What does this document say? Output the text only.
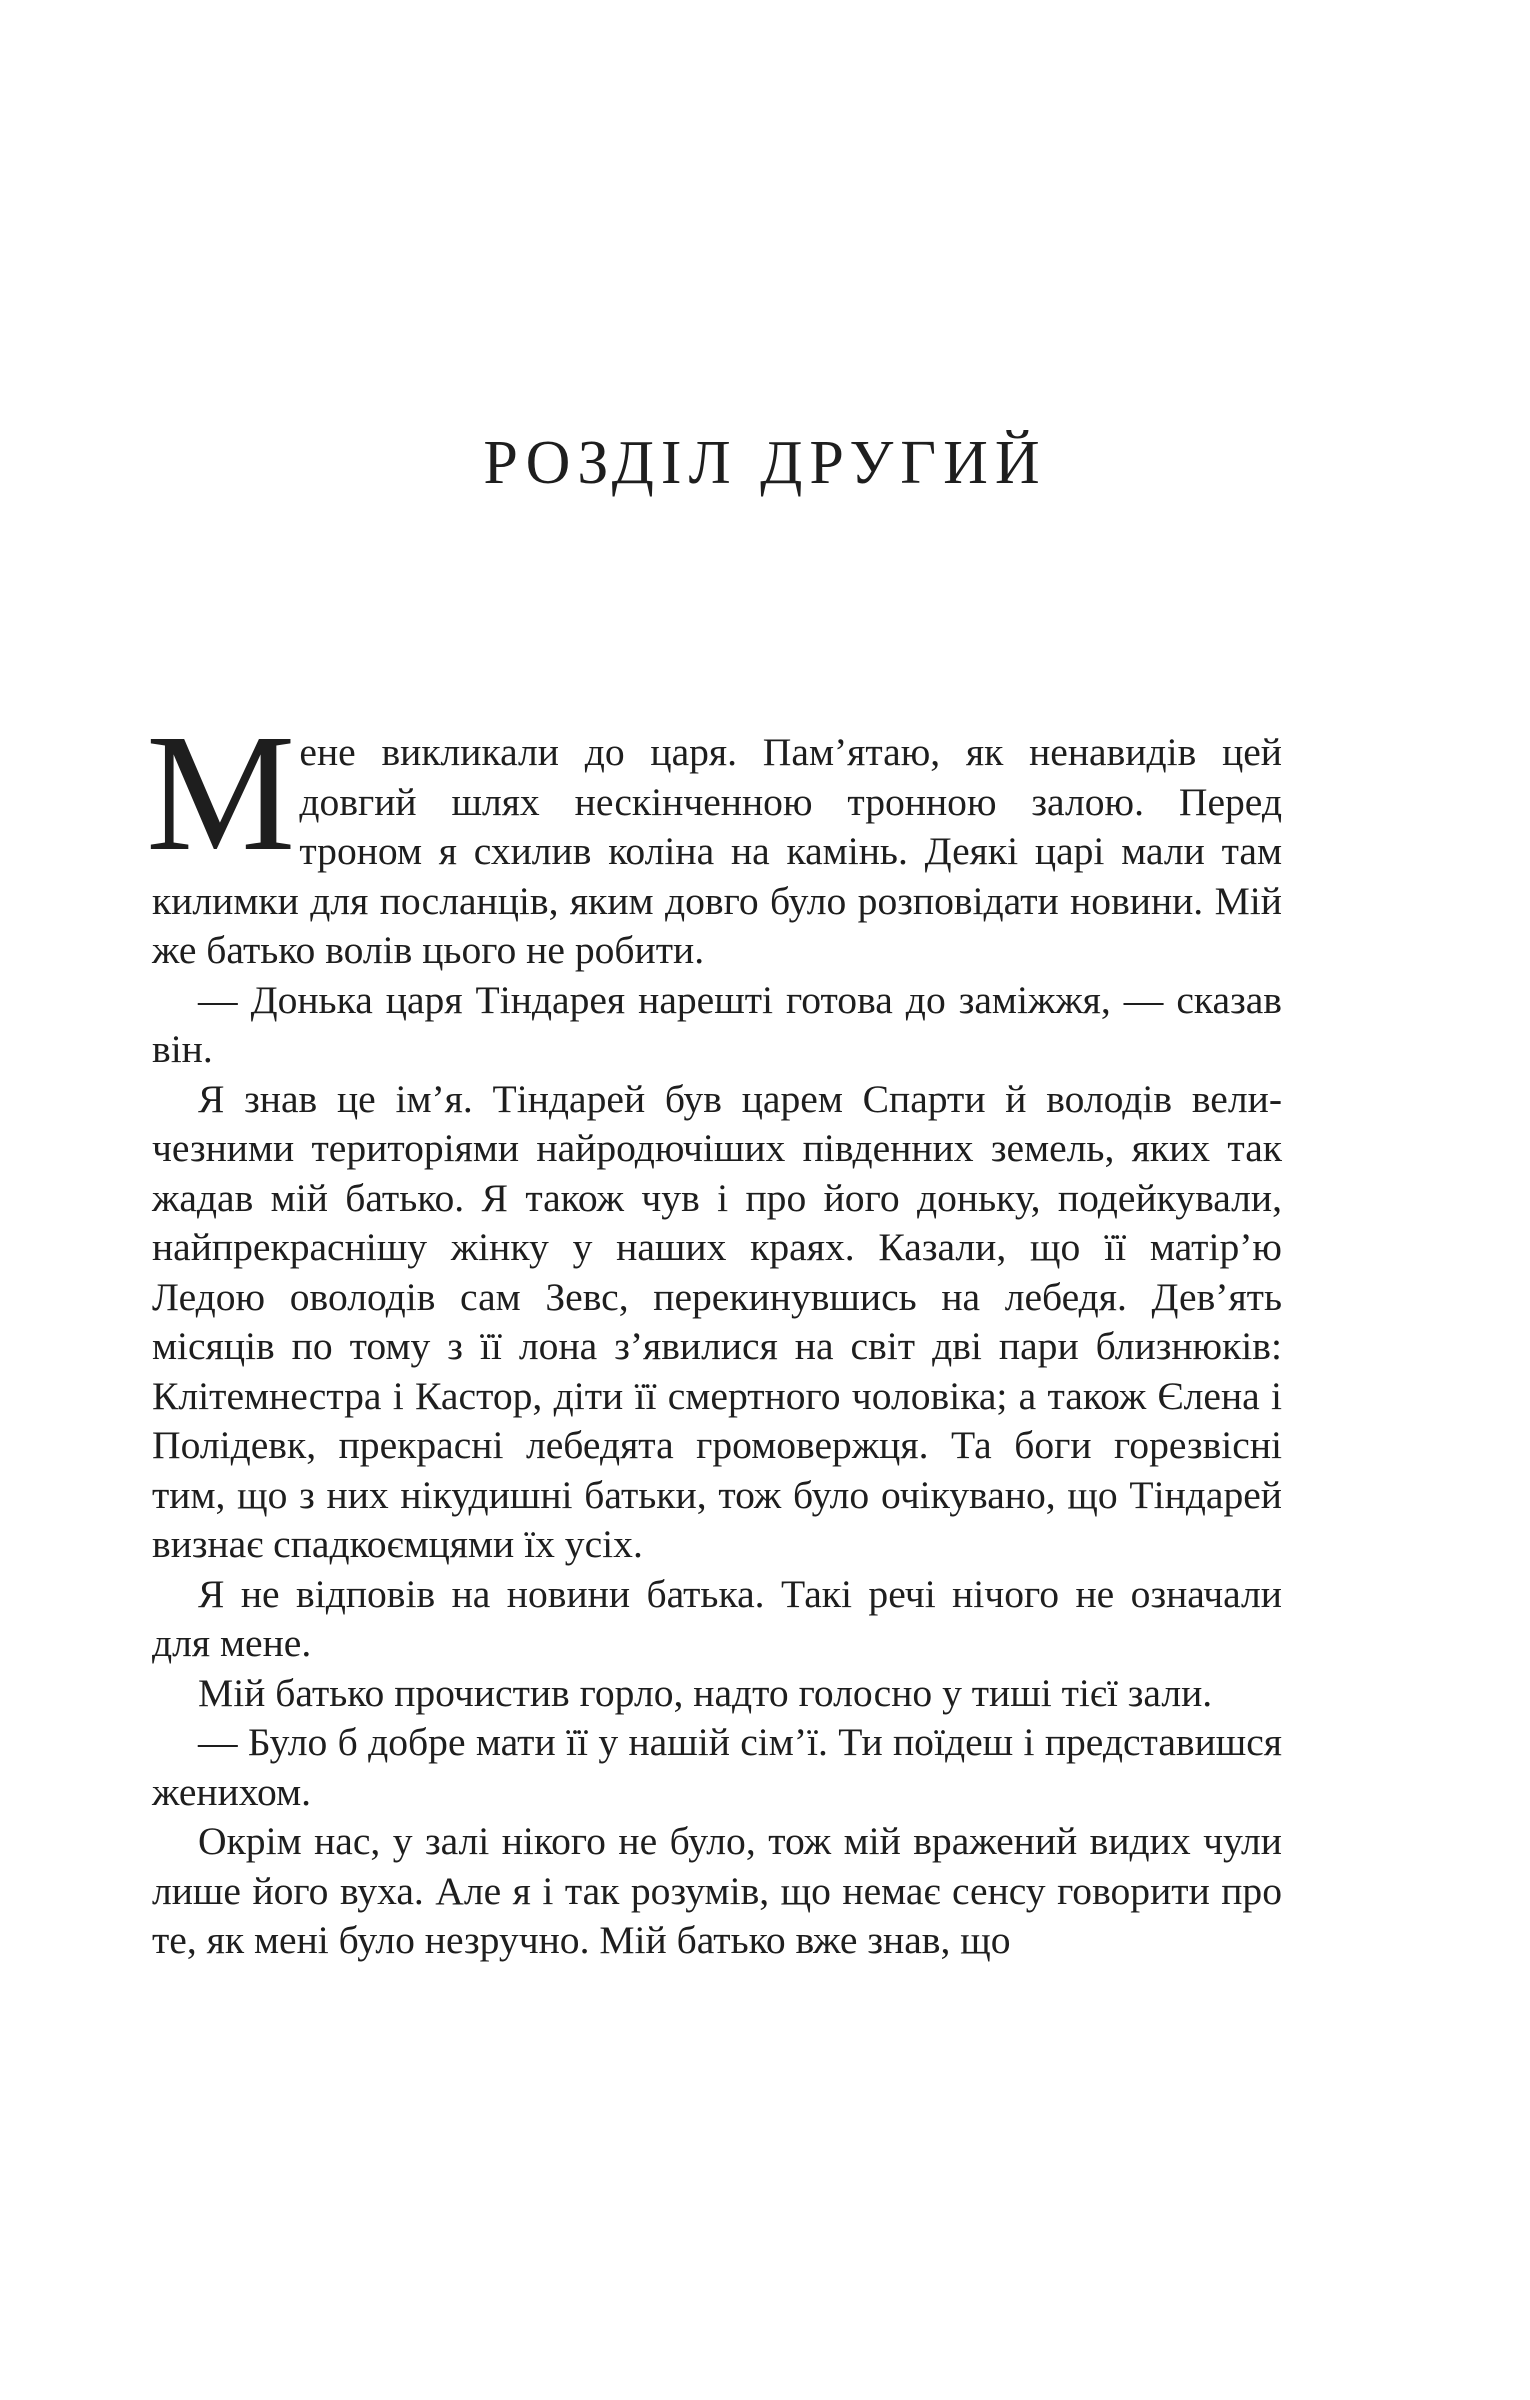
РОЗДІЛ ДРУГИЙ

Мене викликали до царя. Пам’ятаю, як ненавидів цей довгий шлях нескінченною тронною залою. Перед троном я схилив коліна на камінь. Деякі царі мали там килимки для посланців, яким довго було розповідати новини. Мій же батько волів цього не робити.

— Донька царя Тіндарея нарешті готова до заміжжя, — сказав він.

Я знав це ім’я. Тіндарей був царем Спарти й володів величезними територіями найродючіших південних земель, яких так жадав мій батько. Я також чув і про його доньку, подейкували, найпрекраснішу жінку у наших краях. Казали, що її матір’ю Ледою оволодів сам Зевс, перекинувшись на лебедя. Дев’ять місяців по тому з її лона з’явилися на світ дві пари близнюків: Клітемнестра і Кастор, діти її смертного чоловіка; а також Єлена і Полідевк, прекрасні лебедята громовержця. Та боги горезвісні тим, що з них нікудишні батьки, тож було очікувано, що Тіндарей визнає спадкоємцями їх усіх.

Я не відповів на новини батька. Такі речі нічого не означали для мене.

Мій батько прочистив горло, надто голосно у тиші тієї зали.

— Було б добре мати її у нашій сім’ї. Ти поїдеш і представишся женихом.

Окрім нас, у залі нікого не було, тож мій вражений видих чули лише його вуха. Але я і так розумів, що немає сенсу говорити про те, як мені було незручно. Мій батько вже знав, що
